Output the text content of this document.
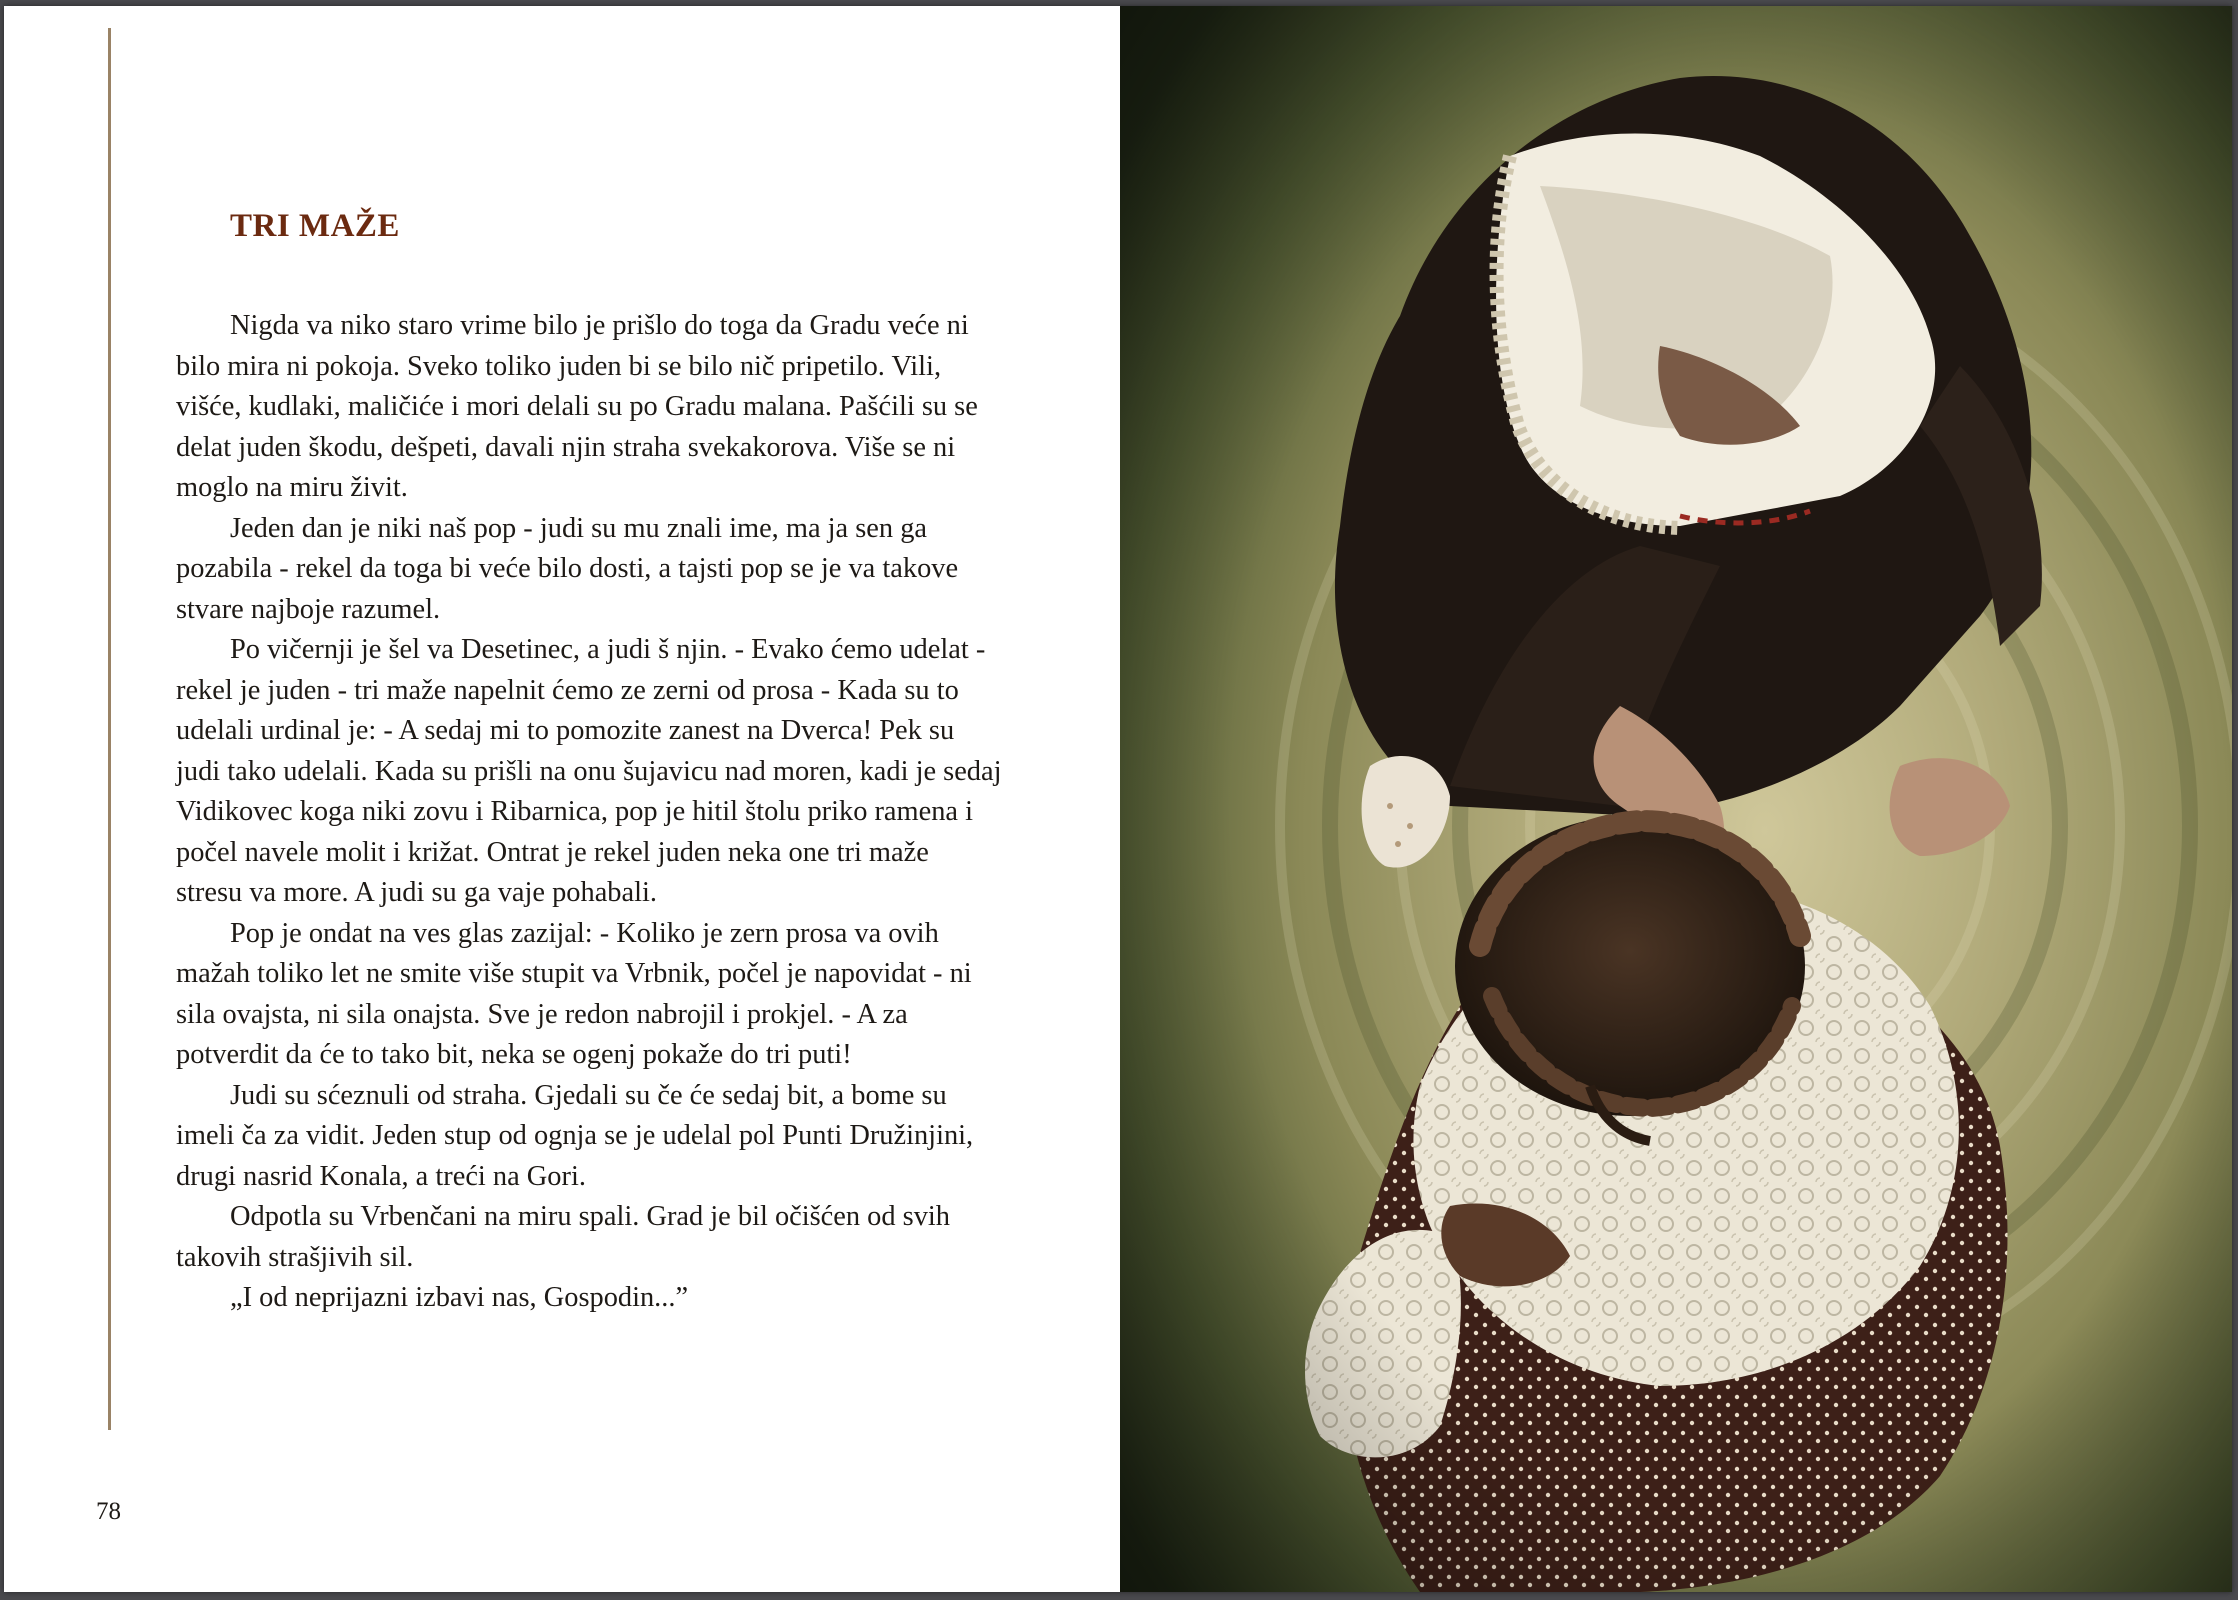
TRI MAŽE

Nigda va niko staro vrime bilo je prišlo do toga da Gradu veće ni bilo mira ni pokoja. Sveko toliko juden bi se bilo nič pripetilo. Vili, višće, kudlaki, maličiće i mori delali su po Gradu malana. Pašćili su se delat juden škodu, dešpeti, davali njin straha svekakorova. Više se ni moglo na miru živit.

Jeden dan je niki naš pop - judi su mu znali ime, ma ja sen ga pozabila - rekel da toga bi veće bilo dosti, a tajsti pop se je va takove stvare najboje razumel.

Po vičernji je šel va Desetinec, a judi š njin. - Evako ćemo udelat - rekel je juden - tri maže napelnit ćemo ze zerni od prosa - Kada su to udelali urdinal je: - A sedaj mi to pomozite zanest na Dverca! Pek su judi tako udelali. Kada su prišli na onu šujavicu nad moren, kadi je sedaj Vidikovec koga niki zovu i Ribarnica, pop je hitil štolu priko ramena i počel navele molit i križat. Ontrat je rekel juden neka one tri maže stresu va more. A judi su ga vaje pohabali.

Pop je ondat na ves glas zazijal: - Koliko je zern prosa va ovih mažah toliko let ne smite više stupit va Vrbnik, počel je napovidat - ni sila ovajsta, ni sila onajsta. Sve je redon nabrojil i prokjel. - A za potverdit da će to tako bit, neka se ogenj pokaže do tri puti!

Judi su sćeznuli od straha. Gjedali su če će sedaj bit, a bome su imeli ča za vidit. Jeden stup od ognja se je udelal pol Punti Družinjini, drugi nasrid Konala, a treći na Gori.

Odpotla su Vrbenčani na miru spali. Grad je bil očišćen od svih takovih strašjivih sil.

„I od neprijazni izbavi nas, Gospodin...”

78
